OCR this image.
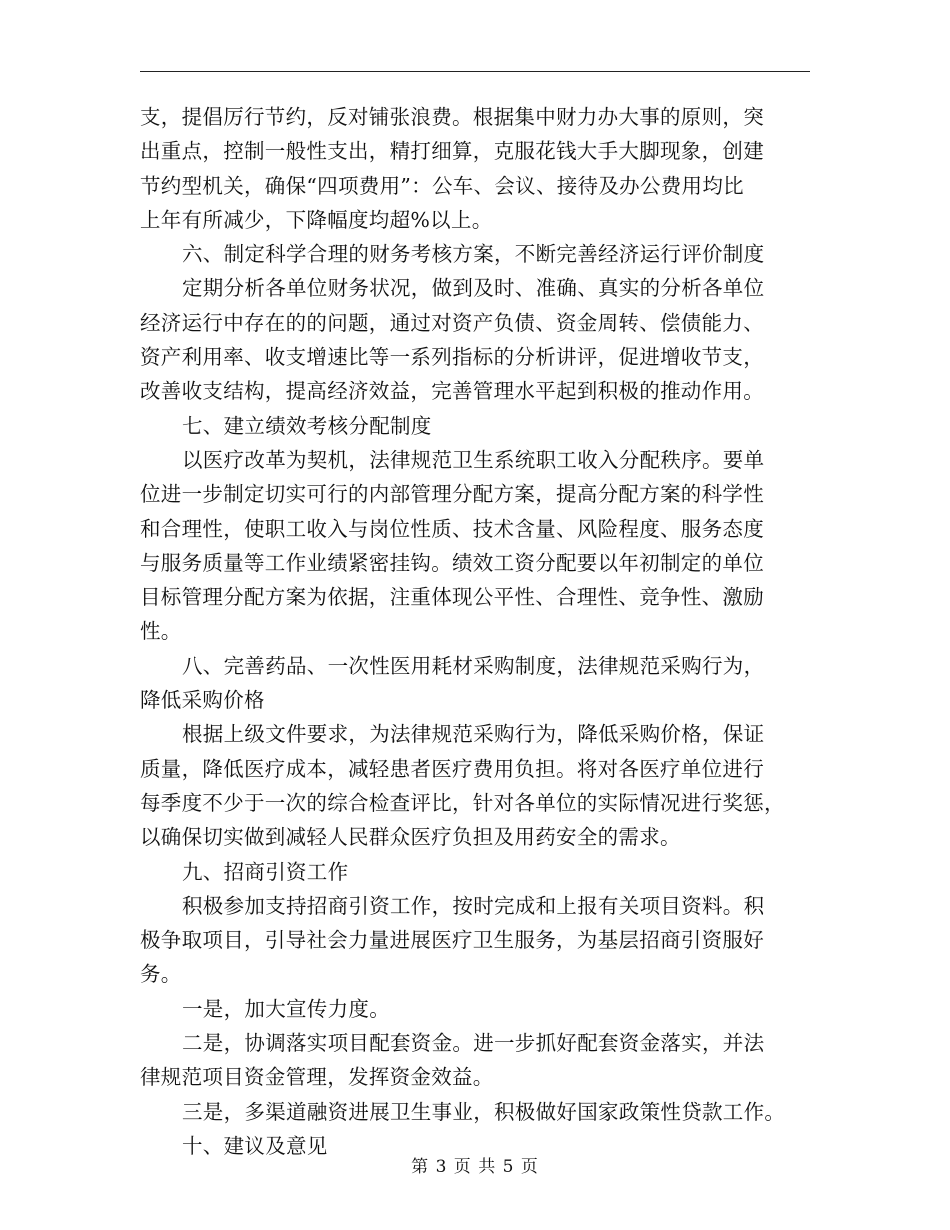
支，提倡厉行节约，反对铺张浪费。根据集中财力办大事的原则，突
出重点，控制一般性支出，精打细算，克服花钱大手大脚现象，创建
节约型机关，确保“四项费用”：公车、会议、接待及办公费用均比
上年有所减少，下降幅度均超%以上。
六、制定科学合理的财务考核方案，不断完善经济运行评价制度
定期分析各单位财务状况，做到及时、准确、真实的分析各单位
经济运行中存在的的问题，通过对资产负债、资金周转、偿债能力、
资产利用率、收支增速比等一系列指标的分析讲评，促进增收节支，
改善收支结构，提高经济效益，完善管理水平起到积极的推动作用。
七、建立绩效考核分配制度
以医疗改革为契机，法律规范卫生系统职工收入分配秩序。要单
位进一步制定切实可行的内部管理分配方案，提高分配方案的科学性
和合理性，使职工收入与岗位性质、技术含量、风险程度、服务态度
与服务质量等工作业绩紧密挂钩。绩效工资分配要以年初制定的单位
目标管理分配方案为依据，注重体现公平性、合理性、竞争性、激励
性。
八、完善药品、一次性医用耗材采购制度，法律规范采购行为，
降低采购价格
根据上级文件要求，为法律规范采购行为，降低采购价格，保证
质量，降低医疗成本，减轻患者医疗费用负担。将对各医疗单位进行
每季度不少于一次的综合检查评比，针对各单位的实际情况进行奖惩，
以确保切实做到减轻人民群众医疗负担及用药安全的需求。
九、招商引资工作
积极参加支持招商引资工作，按时完成和上报有关项目资料。积
极争取项目，引导社会力量进展医疗卫生服务，为基层招商引资服好
务。
一是，加大宣传力度。
二是，协调落实项目配套资金。进一步抓好配套资金落实，并法
律规范项目资金管理，发挥资金效益。
三是，多渠道融资进展卫生事业，积极做好国家政策性贷款工作。
十、建议及意见
第 3 页 共 5 页
